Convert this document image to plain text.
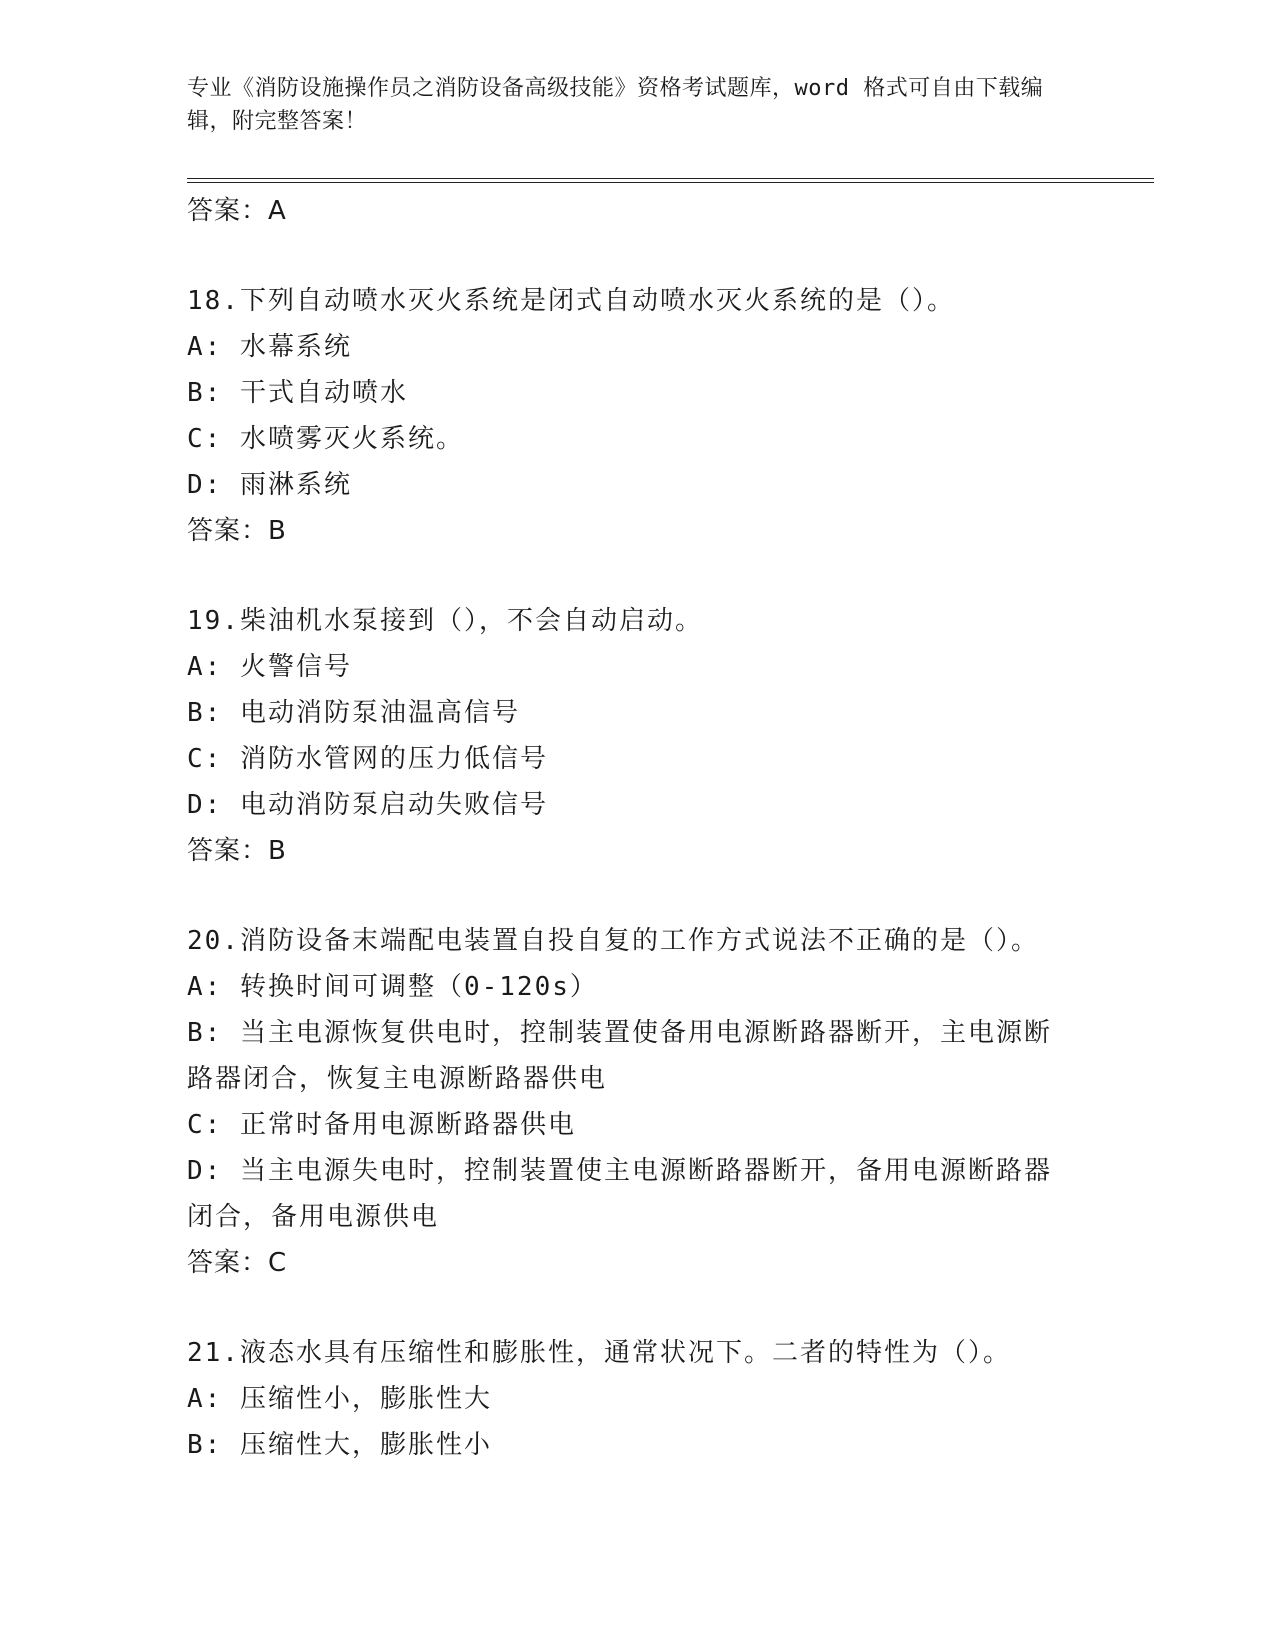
专业《消防设施操作员之消防设备高级技能》资格考试题库，word 格式可自由下载编辑，附完整答案！
答案：A
18.下列自动喷水灭火系统是闭式自动喷水灭火系统的是（）。
A: 水幕系统
B: 干式自动喷水
C: 水喷雾灭火系统。
D: 雨淋系统
答案：B
19.柴油机水泵接到（），不会自动启动。
A: 火警信号
B: 电动消防泵油温高信号
C: 消防水管网的压力低信号
D: 电动消防泵启动失败信号
答案：B
20.消防设备末端配电装置自投自复的工作方式说法不正确的是（）。
A: 转换时间可调整（0-120s）
B: 当主电源恢复供电时，控制装置使备用电源断路器断开，主电源断路器闭合，恢复主电源断路器供电
C: 正常时备用电源断路器供电
D: 当主电源失电时，控制装置使主电源断路器断开，备用电源断路器闭合，备用电源供电
答案：C
21.液态水具有压缩性和膨胀性，通常状况下。二者的特性为（）。
A: 压缩性小，膨胀性大
B: 压缩性大，膨胀性小
